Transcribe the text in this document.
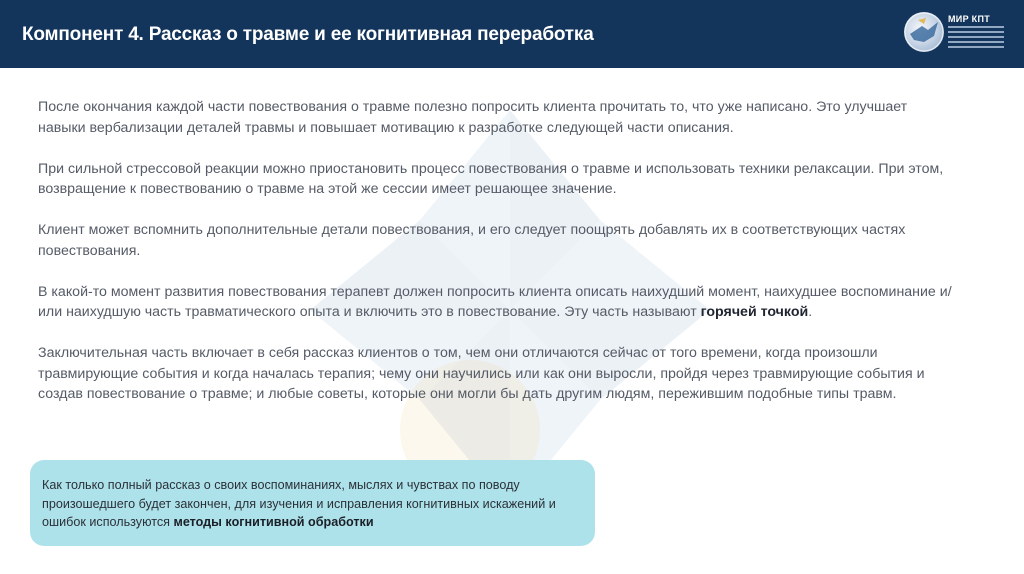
Компонент 4. Рассказ о травме и ее когнитивная переработка
МИР КПТ

После окончания каждой части повествования о травме полезно попросить клиента прочитать то, что уже написано. Это улучшает навыки вербализации деталей травмы и повышает мотивацию к разработке следующей части описания.

При сильной стрессовой реакции можно приостановить процесс повествования о травме и использовать техники релаксации. При этом, возвращение к повествованию о травме на этой же сессии имеет решающее значение.

Клиент может вспомнить дополнительные детали повествования, и его следует поощрять добавлять их в соответствующих частях повествования.

В какой-то момент развития повествования терапевт должен попросить клиента описать наихудший момент, наихудшее воспоминание и/или наихудшую часть травматического опыта и включить это в повествование. Эту часть называют горячей точкой.

Заключительная часть включает в себя рассказ клиентов о том, чем они отличаются сейчас от того времени, когда произошли травмирующие события и когда началась терапия; чему они научились или как они выросли, пройдя через травмирующие события и создав повествование о травме; и любые советы, которые они могли бы дать другим людям, пережившим подобные типы травм.

Как только полный рассказ о своих воспоминаниях, мыслях и чувствах по поводу произошедшего будет закончен, для изучения и исправления когнитивных искажений и ошибок используются методы когнитивной обработки
